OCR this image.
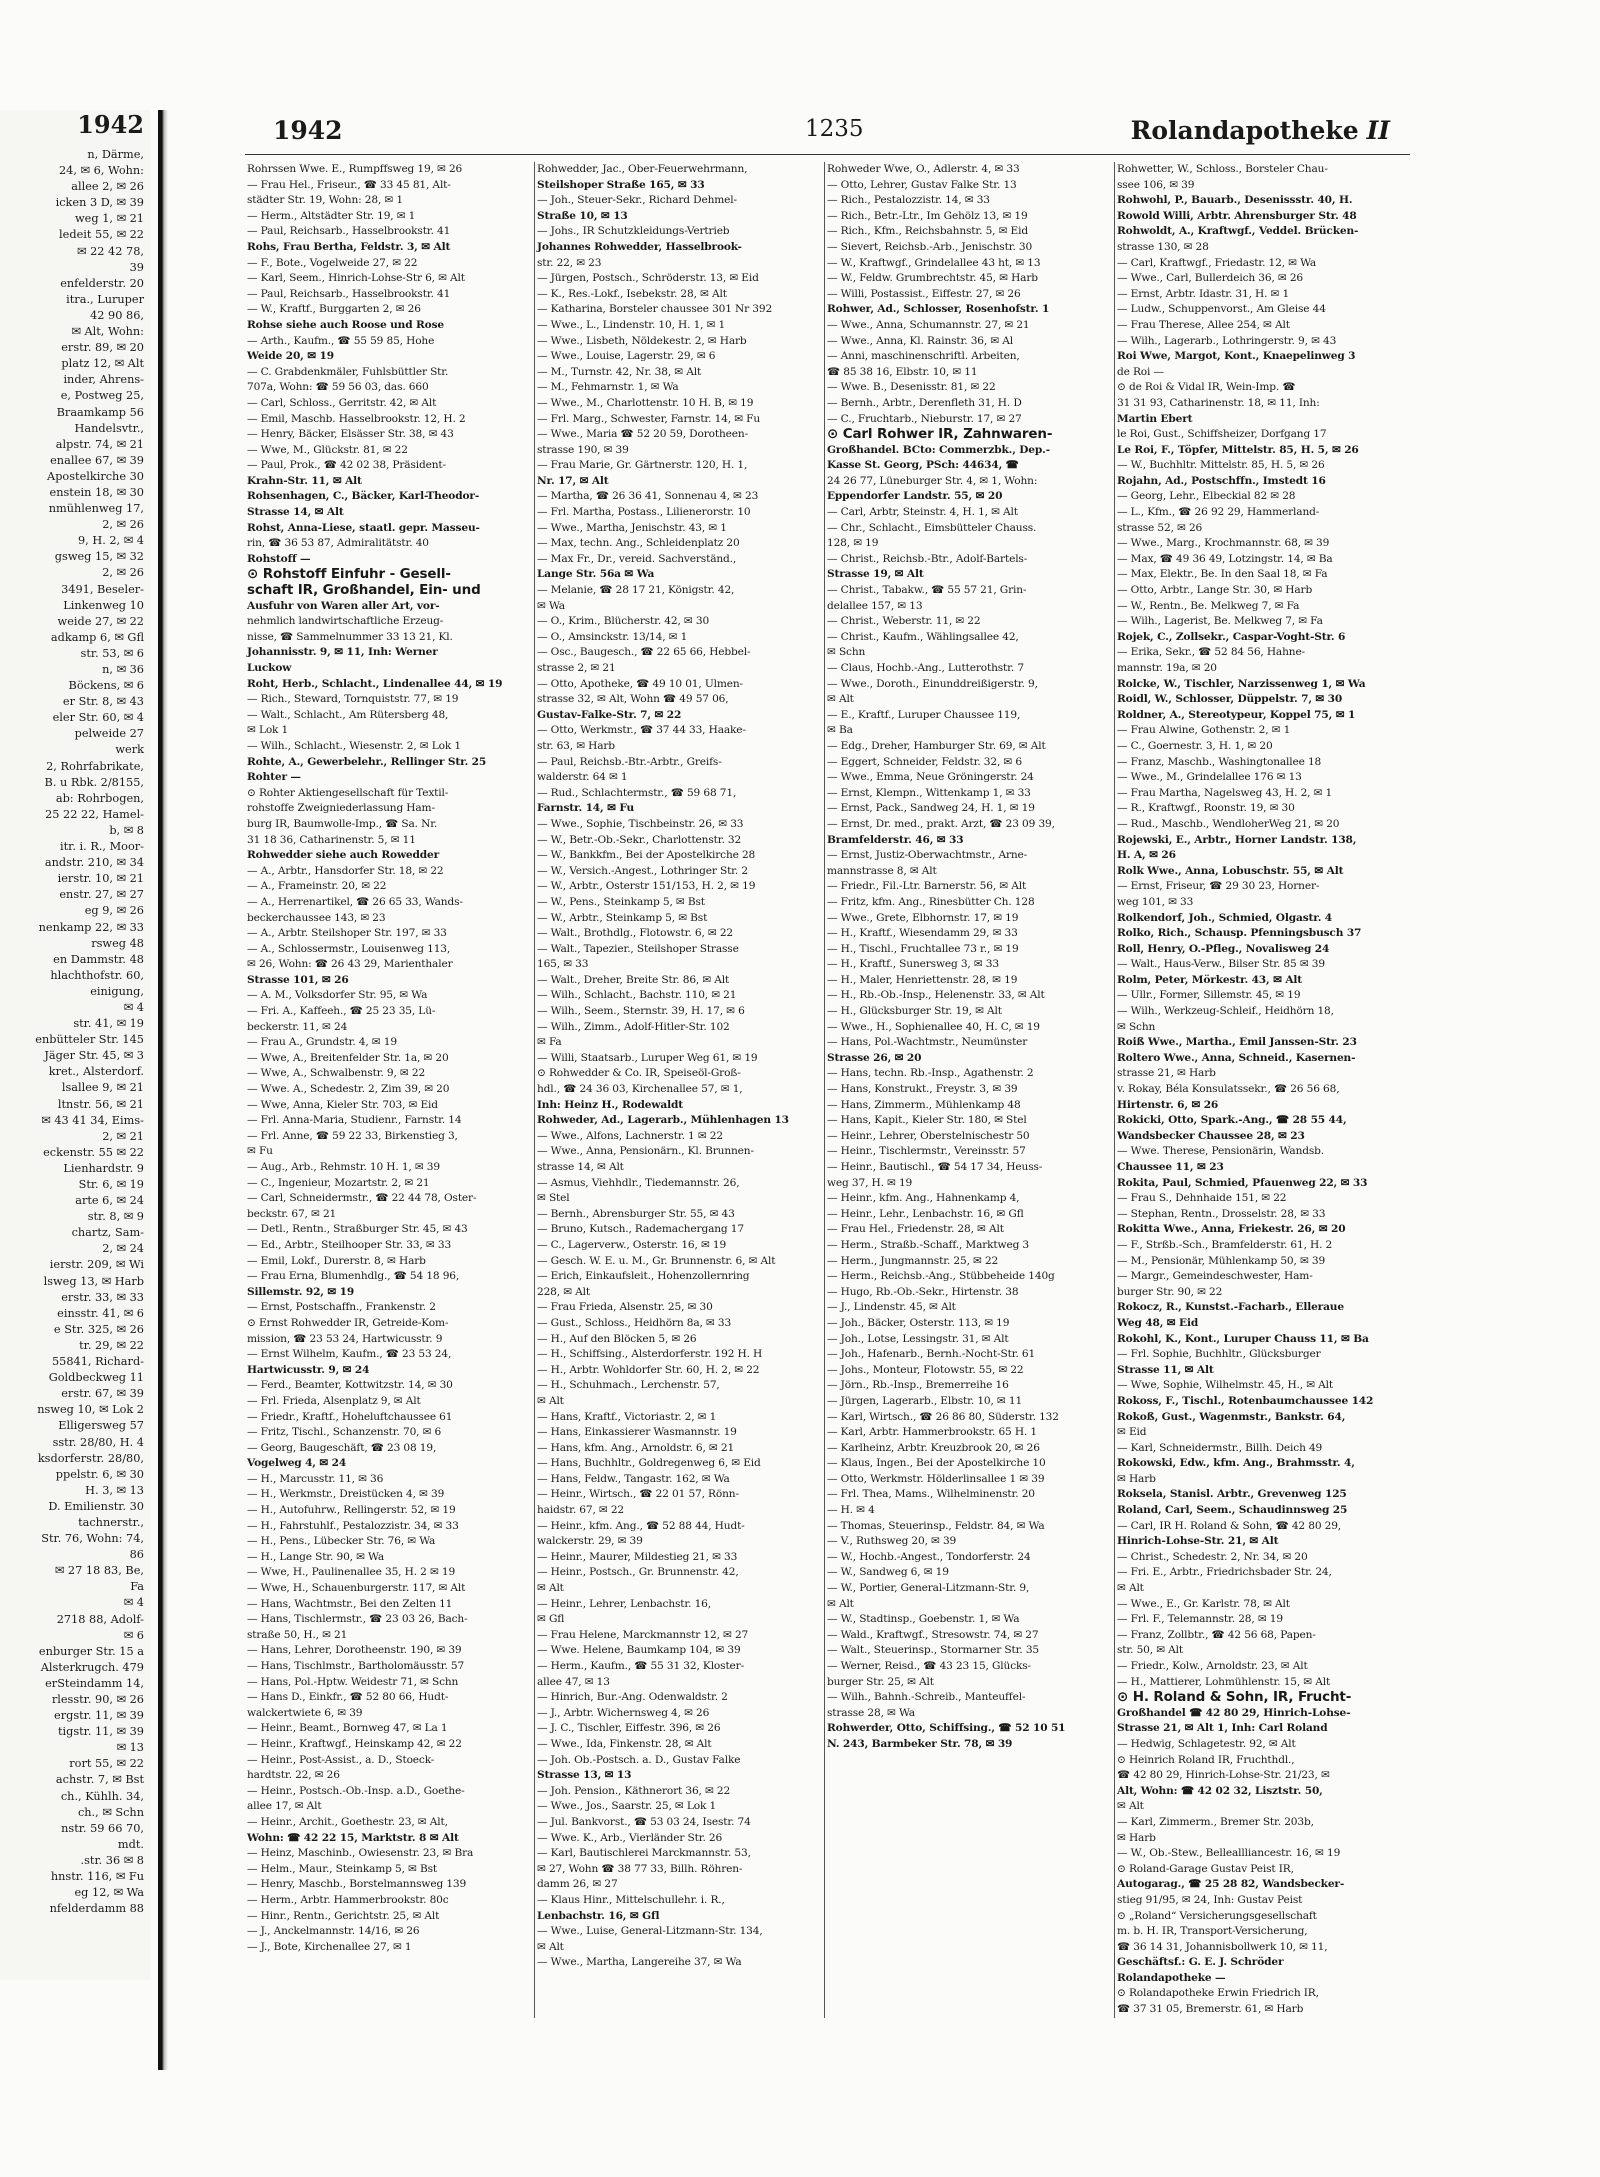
1942
n, Därme,
24, ✉ 6, Wohn:
allee 2, ✉ 26
icken 3 D, ✉ 39
weg 1, ✉ 21
ledeit 55, ✉ 22
✉ 22 42 78,
39
enfelderstr. 20
itra., Luruper
42 90 86,
✉ Alt, Wohn:
erstr. 89, ✉ 20
platz 12, ✉ Alt
inder, Ahrens-
e, Postweg 25,
Braamkamp 56
Handelsvtr.,
alpstr. 74, ✉ 21
enallee 67, ✉ 39
Apostelkirche 30
enstein 18, ✉ 30
nmühlenweg 17,
2, ✉ 26
9, H. 2, ✉ 4
gsweg 15, ✉ 32
2, ✉ 26
3491, Beseler-
Linkenweg 10
weide 27, ✉ 22
adkamp 6, ✉ Gfl
str. 53, ✉ 6
n, ✉ 36
Böckens, ✉ 6
er Str. 8, ✉ 43
eler Str. 60, ✉ 4
pelweide 27
werk
2, Rohrfabrikate,
B. u Rbk. 2/8155,
ab: Rohrbogen,
25 22 22, Hamel-
b, ✉ 8
itr. i. R., Moor-
andstr. 210, ✉ 34
ierstr. 10, ✉ 21
enstr. 27, ✉ 27
eg 9, ✉ 26
nenkamp 22, ✉ 33
rsweg 48
en Dammstr. 48
hlachthofstr. 60,
einigung,
✉ 4
str. 41, ✉ 19
enbütteler Str. 145
Jäger Str. 45, ✉ 3
kret., Alsterdorf.
lsallee 9, ✉ 21
ltnstr. 56, ✉ 21
✉ 43 41 34, Eims-
2, ✉ 21
eckenstr. 55 ✉ 22
Lienhardstr. 9
Str. 6, ✉ 19
arte 6, ✉ 24
str. 8, ✉ 9
chartz, Sam-
2, ✉ 24
ierstr. 209, ✉ Wi
lsweg 13, ✉ Harb
erstr. 33, ✉ 33
einsstr. 41, ✉ 6
e Str. 325, ✉ 26
tr. 29, ✉ 22
55841, Richard-
Goldbeckweg 11
erstr. 67, ✉ 39
nsweg 10, ✉ Lok 2
Elligersweg 57
sstr. 28/80, H. 4
ksdorferstr. 28/80,
ppelstr. 6, ✉ 30
H. 3, ✉ 13
D. Emilienstr. 30
tachnerstr.,
Str. 76, Wohn: 74,
86
✉ 27 18 83, Be,
Fa
✉ 4
2718 88, Adolf-
✉ 6
enburger Str. 15 a
Alsterkrugch. 479
erSteindamm 14,
rlesstr. 90, ✉ 26
ergstr. 11, ✉ 39
tigstr. 11, ✉ 39
✉ 13
rort 55, ✉ 22
achstr. 7, ✉ Bst
ch., Kühlh. 34,
ch., ✉ Schn
nstr. 59 66 70,
mdt.
.str. 36 ✉ 8
hnstr. 116, ✉ Fu
eg 12, ✉ Wa
nfelderdamm 88
1942	1235	Rolandapotheke II
Rohrssen Wwe. E., Rumpffsweg 19, ✉ 26
— Frau Hel., Friseur., ☎ 33 45 81, Alt-
städter Str. 19, Wohn: 28, ✉ 1
— Herm., Altstädter Str. 19, ✉ 1
— Paul, Reichsarb., Hasselbrookstr. 41
Rohs, Frau Bertha, Feldstr. 3, ✉ Alt
— F., Bote., Vogelweide 27, ✉ 22
— Karl, Seem., Hinrich-Lohse-Str 6, ✉ Alt
— Paul, Reichsarb., Hasselbrookstr. 41
— W., Kraftf., Burggarten 2, ✉ 26
Rohse siehe auch Roose und Rose
— Arth., Kaufm., ☎ 55 59 85, Hohe
Weide 20, ✉ 19
— C. Grabdenkmäler, Fuhlsbüttler Str.
707a, Wohn: ☎ 59 56 03, das. 660
— Carl, Schloss., Gerritstr. 42, ✉ Alt
— Emil, Maschb. Hasselbrookstr. 12, H. 2
— Henry, Bäcker, Elsässer Str. 38, ✉ 43
— Wwe, M., Glückstr. 81, ✉ 22
— Paul, Prok., ☎ 42 02 38, Präsident-
Krahn-Str. 11, ✉ Alt
Rohsenhagen, C., Bäcker, Karl-Theodor-
Strasse 14, ✉ Alt
Rohst, Anna-Liese, staatl. gepr. Masseu-
rin, ☎ 36 53 87, Admiralitätstr. 40
Rohstoff —
⊙ Rohstoff Einfuhr - Gesell-
schaft IR, Großhandel, Ein- und
Ausfuhr von Waren aller Art, vor-
nehmlich landwirtschaftliche Erzeug-
nisse, ☎ Sammelnummer 33 13 21, Kl.
Johannisstr. 9, ✉ 11, Inh: Werner
Luckow
Roht, Herb., Schlacht., Lindenallee 44, ✉ 19
— Rich., Steward, Tornquiststr. 77, ✉ 19
— Walt., Schlacht., Am Rütersberg 48,
✉ Lok 1
— Wilh., Schlacht., Wiesenstr. 2, ✉ Lok 1
Rohte, A., Gewerbelehr., Rellinger Str. 25
Rohter —
⊙ Rohter Aktiengesellschaft für Textil-
rohstoffe Zweigniederlassung Ham-
burg IR, Baumwolle-Imp., ☎ Sa. Nr.
31 18 36, Catharinenstr. 5, ✉ 11
Rohwedder siehe auch Rowedder
— A., Arbtr., Hansdorfer Str. 18, ✉ 22
— A., Frameinstr. 20, ✉ 22
— A., Herrenartikel, ☎ 26 65 33, Wands-
beckerchaussee 143, ✉ 23
— A., Arbtr. Steilshoper Str. 197, ✉ 33
— A., Schlossermstr., Louisenweg 113,
✉ 26, Wohn: ☎ 26 43 29, Marienthaler
Strasse 101, ✉ 26
— A. M., Volksdorfer Str. 95, ✉ Wa
— Fri. A., Kaffeeh., ☎ 25 23 35, Lü-
beckerstr. 11, ✉ 24
— Frau A., Grundstr. 4, ✉ 19
— Wwe, A., Breitenfelder Str. 1a, ✉ 20
— Wwe, A., Schwalbenstr. 9, ✉ 22
— Wwe. A., Schedestr. 2, Zim 39, ✉ 20
— Wwe, Anna, Kieler Str. 703, ✉ Eid
— Frl. Anna-Maria, Studienr., Farnstr. 14
— Frl. Anne, ☎ 59 22 33, Birkenstieg 3,
✉ Fu
— Aug., Arb., Rehmstr. 10 H. 1, ✉ 39
— C., Ingenieur, Mozartstr. 2, ✉ 21
— Carl, Schneidermstr., ☎ 22 44 78, Oster-
beckstr. 67, ✉ 21
— Detl., Rentn., Straßburger Str. 45, ✉ 43
— Ed., Arbtr., Steilhooper Str. 33, ✉ 33
— Emil, Lokf., Durerstr. 8, ✉ Harb
— Frau Erna, Blumenhdlg., ☎ 54 18 96,
Sillemstr. 92, ✉ 19
— Ernst, Postschaffn., Frankenstr. 2
⊙ Ernst Rohwedder IR, Getreide-Kom-
mission, ☎ 23 53 24, Hartwicusstr. 9
— Ernst Wilhelm, Kaufm., ☎ 23 53 24,
Hartwicusstr. 9, ✉ 24
— Ferd., Beamter, Kottwitzstr. 14, ✉ 30
— Frl. Frieda, Alsenplatz 9, ✉ Alt
— Friedr., Kraftf., Hoheluftchaussee 61
— Fritz, Tischl., Schanzenstr. 70, ✉ 6
— Georg, Baugeschäft, ☎ 23 08 19,
Vogelweg 4, ✉ 24
— H., Marcusstr. 11, ✉ 36
— H., Werkmstr., Dreistücken 4, ✉ 39
— H., Autofuhrw., Rellingerstr. 52, ✉ 19
— H., Fahrstuhlf., Pestalozzistr. 34, ✉ 33
— H., Pens., Lübecker Str. 76, ✉ Wa
— H., Lange Str. 90, ✉ Wa
— Wwe, H., Paulinenallee 35, H. 2 ✉ 19
— Wwe, H., Schauenburgerstr. 117, ✉ Alt
— Hans, Wachtmstr., Bei den Zelten 11
— Hans, Tischlermstr., ☎ 23 03 26, Bach-
straße 50, H., ✉ 21
— Hans, Lehrer, Dorotheenstr. 190, ✉ 39
— Hans, Tischlmstr., Bartholomäusstr. 57
— Hans, Pol.-Hptw. Weidestr 71, ✉ Schn
— Hans D., Einkfr., ☎ 52 80 66, Hudt-
walckertwiete 6, ✉ 39
— Heinr., Beamt., Bornweg 47, ✉ La 1
— Heinr., Kraftwgf., Heinskamp 42, ✉ 22
— Heinr., Post-Assist., a. D., Stoeck-
hardtstr. 22, ✉ 26
— Heinr., Postsch.-Ob.-Insp. a.D., Goethe-
allee 17, ✉ Alt
— Heinr., Archit., Goethestr. 23, ✉ Alt,
Wohn: ☎ 42 22 15, Marktstr. 8 ✉ Alt
— Heinz, Maschinb., Owiesenstr. 23, ✉ Bra
— Helm., Maur., Steinkamp 5, ✉ Bst
— Henry, Maschb., Borstelmannsweg 139
— Herm., Arbtr. Hammerbrookstr. 80c
— Hinr., Rentn., Gerichtstr. 25, ✉ Alt
— J., Anckelmannstr. 14/16, ✉ 26
— J., Bote, Kirchenallee 27, ✉ 1
Rohwedder, Jac., Ober-Feuerwehrmann,
Steilshoper Straße 165, ✉ 33
— Joh., Steuer-Sekr., Richard Dehmel-
Straße 10, ✉ 13
— Johs., IR Schutzkleidungs-Vertrieb
Johannes Rohwedder, Hasselbrook-
str. 22, ✉ 23
— Jürgen, Postsch., Schröderstr. 13, ✉ Eid
— K., Res.-Lokf., Isebekstr. 28, ✉ Alt
— Katharina, Borsteler chaussee 301 Nr 392
— Wwe., L., Lindenstr. 10, H. 1, ✉ 1
— Wwe., Lisbeth, Nöldekestr. 2, ✉ Harb
— Wwe., Louise, Lagerstr. 29, ✉ 6
— M., Turnstr. 42, Nr. 38, ✉ Alt
— M., Fehmarnstr. 1, ✉ Wa
— Wwe., M., Charlottenstr. 10 H. B, ✉ 19
— Frl. Marg., Schwester, Farnstr. 14, ✉ Fu
— Wwe., Maria ☎ 52 20 59, Dorotheen-
strasse 190, ✉ 39
— Frau Marie, Gr. Gärtnerstr. 120, H. 1,
Nr. 17, ✉ Alt
— Martha, ☎ 26 36 41, Sonnenau 4, ✉ 23
— Frl. Martha, Postass., Lilienerorstr. 10
— Wwe., Martha, Jenischstr. 43, ✉ 1
— Max, techn. Ang., Schleidenplatz 20
— Max Fr., Dr., vereid. Sachverständ.,
Lange Str. 56a ✉ Wa
— Melanie, ☎ 28 17 21, Königstr. 42,
✉ Wa
— O., Krim., Blücherstr. 42, ✉ 30
— O., Amsinckstr. 13/14, ✉ 1
— Osc., Baugesch., ☎ 22 65 66, Hebbel-
strasse 2, ✉ 21
— Otto, Apotheke, ☎ 49 10 01, Ulmen-
strasse 32, ✉ Alt, Wohn ☎ 49 57 06,
Gustav-Falke-Str. 7, ✉ 22
— Otto, Werkmstr., ☎ 37 44 33, Haake-
str. 63, ✉ Harb
— Paul, Reichsb.-Btr.-Arbtr., Greifs-
walderstr. 64 ✉ 1
— Rud., Schlachtermstr., ☎ 59 68 71,
Farnstr. 14, ✉ Fu
— Wwe., Sophie, Tischbeinstr. 26, ✉ 33
— W., Betr.-Ob.-Sekr., Charlottenstr. 32
— W., Bankkfm., Bei der Apostelkirche 28
— W., Versich.-Angest., Lothringer Str. 2
— W., Arbtr., Osterstr 151/153, H. 2, ✉ 19
— W., Pens., Steinkamp 5, ✉ Bst
— W., Arbtr., Steinkamp 5, ✉ Bst
— Walt., Brothdlg., Flotowstr. 6, ✉ 22
— Walt., Tapezier., Steilshoper Strasse
165, ✉ 33
— Walt., Dreher, Breite Str. 86, ✉ Alt
— Wilh., Schlacht., Bachstr. 110, ✉ 21
— Wilh., Seem., Sternstr. 39, H. 17, ✉ 6
— Wilh., Zimm., Adolf-Hitler-Str. 102
✉ Fa
— Willi, Staatsarb., Luruper Weg 61, ✉ 19
⊙ Rohwedder & Co. IR, Speiseöl-Groß-
hdl., ☎ 24 36 03, Kirchenallee 57, ✉ 1,
Inh: Heinz H., Rodewaldt
Rohweder, Ad., Lagerarb., Mühlenhagen 13
— Wwe., Alfons, Lachnerstr. 1 ✉ 22
— Wwe., Anna, Pensionärn., Kl. Brunnen-
strasse 14, ✉ Alt
— Asmus, Viehhdlr., Tiedemannstr. 26,
✉ Stel
— Bernh., Abrensburger Str. 55, ✉ 43
— Bruno, Kutsch., Rademachergang 17
— C., Lagerverw., Osterstr. 16, ✉ 19
— Gesch. W. E. u. M., Gr. Brunnenstr. 6, ✉ Alt
— Erich, Einkaufsleit., Hohenzollernring
228, ✉ Alt
— Frau Frieda, Alsenstr. 25, ✉ 30
— Gust., Schloss., Heidhörn 8a, ✉ 33
— H., Auf den Blöcken 5, ✉ 26
— H., Schiffsing., Alsterdorferstr. 192 H. H
— H., Arbtr. Wohldorfer Str. 60, H. 2, ✉ 22
— H., Schuhmach., Lerchenstr. 57,
✉ Alt
— Hans, Kraftf., Victoriastr. 2, ✉ 1
— Hans, Einkassierer Wasmannstr. 19
— Hans, kfm. Ang., Arnoldstr. 6, ✉ 21
— Hans, Buchhltr., Goldregenweg 6, ✉ Eid
— Hans, Feldw., Tangastr. 162, ✉ Wa
— Heinr., Wirtsch., ☎ 22 01 57, Rönn-
haidstr. 67, ✉ 22
— Heinr., kfm. Ang., ☎ 52 88 44, Hudt-
walckerstr. 29, ✉ 39
— Heinr., Maurer, Mildestieg 21, ✉ 33
— Heinr., Postsch., Gr. Brunnenstr. 42,
✉ Alt
— Heinr., Lehrer, Lenbachstr. 16,
✉ Gfl
— Frau Helene, Marckmannstr 12, ✉ 27
— Wwe. Helene, Baumkamp 104, ✉ 39
— Herm., Kaufm., ☎ 55 31 32, Kloster-
allee 47, ✉ 13
— Hinrich, Bur.-Ang. Odenwaldstr. 2
— J., Arbtr. Wichernsweg 4, ✉ 26
— J. C., Tischler, Eiffestr. 396, ✉ 26
— Wwe., Ida, Finkenstr. 28, ✉ Alt
— Joh. Ob.-Postsch. a. D., Gustav Falke
Strasse 13, ✉ 13
— Joh. Pension., Käthnerort 36, ✉ 22
— Wwe., Jos., Saarstr. 25, ✉ Lok 1
— Jul. Bankvorst., ☎ 53 03 24, Isestr. 74
— Wwe. K., Arb., Vierländer Str. 26
— Karl, Bautischlerei Marckmannstr. 53,
✉ 27, Wohn ☎ 38 77 33, Billh. Röhren-
damm 26, ✉ 27
— Klaus Hinr., Mittelschullehr. i. R.,
Lenbachstr. 16, ✉ Gfl
— Wwe., Luise, General-Litzmann-Str. 134,
✉ Alt
— Wwe., Martha, Langereihe 37, ✉ Wa
Rohweder Wwe, O., Adlerstr. 4, ✉ 33
— Otto, Lehrer, Gustav Falke Str. 13
— Rich., Pestalozzistr. 14, ✉ 33
— Rich., Betr.-Ltr., Im Gehölz 13, ✉ 19
— Rich., Kfm., Reichsbahnstr. 5, ✉ Eid
— Sievert, Reichsb.-Arb., Jenischstr. 30
— W., Kraftwgf., Grindelallee 43 ht, ✉ 13
— W., Feldw. Grumbrechtstr. 45, ✉ Harb
— Willi, Postassist., Eiffestr. 27, ✉ 26
Rohwer, Ad., Schlosser, Rosenhofstr. 1
— Wwe., Anna, Schumannstr. 27, ✉ 21
— Wwe., Anna, Kl. Rainstr. 36, ✉ Al
— Anni, maschinenschriftl. Arbeiten,
☎ 85 38 16, Elbstr. 10, ✉ 11
— Wwe. B., Desenisstr. 81, ✉ 22
— Bernh., Arbtr., Derenfleth 31, H. D
— C., Fruchtarb., Nieburstr. 17, ✉ 27
⊙ Carl Rohwer IR, Zahnwaren-
Großhandel. BCto: Commerzbk., Dep.-
Kasse St. Georg, PSch: 44634, ☎
24 26 77, Lüneburger Str. 4, ✉ 1, Wohn:
Eppendorfer Landstr. 55, ✉ 20
— Carl, Arbtr, Steinstr. 4, H. 1, ✉ Alt
— Chr., Schlacht., Eimsbütteler Chauss.
128, ✉ 19
— Christ., Reichsb.-Btr., Adolf-Bartels-
Strasse 19, ✉ Alt
— Christ., Tabakw., ☎ 55 57 21, Grin-
delallee 157, ✉ 13
— Christ., Weberstr. 11, ✉ 22
— Christ., Kaufm., Wählingsallee 42,
✉ Schn
— Claus, Hochb.-Ang., Lutterothstr. 7
— Wwe., Doroth., Einunddreißigerstr. 9,
✉ Alt
— E., Kraftf., Luruper Chaussee 119,
✉ Ba
— Edg., Dreher, Hamburger Str. 69, ✉ Alt
— Eggert, Schneider, Feldstr. 32, ✉ 6
— Wwe., Emma, Neue Gröningerstr. 24
— Ernst, Klempn., Wittenkamp 1, ✉ 33
— Ernst, Pack., Sandweg 24, H. 1, ✉ 19
— Ernst, Dr. med., prakt. Arzt, ☎ 23 09 39,
Bramfelderstr. 46, ✉ 33
— Ernst, Justiz-Oberwachtmstr., Arne-
mannstrasse 8, ✉ Alt
— Friedr., Fil.-Ltr. Barnerstr. 56, ✉ Alt
— Fritz, kfm. Ang., Rinesbütter Ch. 128
— Wwe., Grete, Elbhornstr. 17, ✉ 19
— H., Kraftf., Wiesendamm 29, ✉ 33
— H., Tischl., Fruchtallee 73 r., ✉ 19
— H., Kraftf., Sunersweg 3, ✉ 33
— H., Maler, Henriettenstr. 28, ✉ 19
— H., Rb.-Ob.-Insp., Helenenstr. 33, ✉ Alt
— H., Glücksburger Str. 19, ✉ Alt
— Wwe., H., Sophienallee 40, H. C, ✉ 19
— Hans, Pol.-Wachtmstr., Neumünster
Strasse 26, ✉ 20
— Hans, techn. Rb.-Insp., Agathenstr. 2
— Hans, Konstrukt., Freystr. 3, ✉ 39
— Hans, Zimmerm., Mühlenkamp 48
— Hans, Kapit., Kieler Str. 180, ✉ Stel
— Heinr., Lehrer, Oberstelnischestr 50
— Heinr., Tischlermstr., Vereinsstr. 57
— Heinr., Bautischl., ☎ 54 17 34, Heuss-
weg 37, H. ✉ 19
— Heinr., kfm. Ang., Hahnenkamp 4,
— Heinr., Lehr., Lenbachstr. 16, ✉ Gfl
— Frau Hel., Friedenstr. 28, ✉ Alt
— Herm., Straßb.-Schaff., Marktweg 3
— Herm., Jungmannstr. 25, ✉ 22
— Herm., Reichsb.-Ang., Stübbeheide 140g
— Hugo, Rb.-Ob.-Sekr., Hirtenstr. 38
— J., Lindenstr. 45, ✉ Alt
— Joh., Bäcker, Osterstr. 113, ✉ 19
— Joh., Lotse, Lessingstr. 31, ✉ Alt
— Joh., Hafenarb., Bernh.-Nocht-Str. 61
— Johs., Monteur, Flotowstr. 55, ✉ 22
— Jörn., Rb.-Insp., Bremerreihe 16
— Jürgen, Lagerarb., Elbstr. 10, ✉ 11
— Karl, Wirtsch., ☎ 26 86 80, Süderstr. 132
— Karl, Arbtr. Hammerbrookstr. 65 H. 1
— Karlheinz, Arbtr. Kreuzbrook 20, ✉ 26
— Klaus, Ingen., Bei der Apostelkirche 10
— Otto, Werkmstr. Hölderlinsallee 1 ✉ 39
— Frl. Thea, Mams., Wilhelminenstr. 20
— H. ✉ 4
— Thomas, Steuerinsp., Feldstr. 84, ✉ Wa
— V., Ruthsweg 20, ✉ 39
— W., Hochb.-Angest., Tondorferstr. 24
— W., Sandweg 6, ✉ 19
— W., Portier, General-Litzmann-Str. 9,
✉ Alt
— W., Stadtinsp., Goebenstr. 1, ✉ Wa
— Wald., Kraftwgf., Stresowstr. 74, ✉ 27
— Walt., Steuerinsp., Stormarner Str. 35
— Werner, Reisd., ☎ 43 23 15, Glücks-
burger Str. 25, ✉ Alt
— Wilh., Bahnh.-Schreib., Manteuffel-
strasse 28, ✉ Wa
Rohwerder, Otto, Schiffsing., ☎ 52 10 51
N. 243, Barmbeker Str. 78, ✉ 39
Rohwetter, W., Schloss., Borsteler Chau-
ssee 106, ✉ 39
Rohwohl, P., Bauarb., Desenissstr. 40, H.
Rowold Willi, Arbtr. Ahrensburger Str. 48
Rohwoldt, A., Kraftwgf., Veddel. Brücken-
strasse 130, ✉ 28
— Carl, Kraftwgf., Friedastr. 12, ✉ Wa
— Wwe., Carl, Bullerdeich 36, ✉ 26
— Ernst, Arbtr. Idastr. 31, H. ✉ 1
— Ludw., Schuppenvorst., Am Gleise 44
— Frau Therese, Allee 254, ✉ Alt
— Wilh., Lagerarb., Lothringerstr. 9, ✉ 43
Roi Wwe, Margot, Kont., Knaepelinweg 3
de Roi —
⊙ de Roi & Vidal IR, Wein-Imp. ☎
31 31 93, Catharinenstr. 18, ✉ 11, Inh:
Martin Ebert
le Roi, Gust., Schiffsheizer, Dorfgang 17
Le Roi, F., Töpfer, Mittelstr. 85, H. 5, ✉ 26
— W., Buchhltr. Mittelstr. 85, H. 5, ✉ 26
Rojahn, Ad., Postschffn., Imstedt 16
— Georg, Lehr., Elbeckial 82 ✉ 28
— L., Kfm., ☎ 26 92 29, Hammerland-
strasse 52, ✉ 26
— Wwe., Marg., Krochmannstr. 68, ✉ 39
— Max, ☎ 49 36 49, Lotzingstr. 14, ✉ Ba
— Max, Elektr., Be. In den Saal 18, ✉ Fa
— Otto, Arbtr., Lange Str. 30, ✉ Harb
— W., Rentn., Be. Melkweg 7, ✉ Fa
— Wilh., Lagerist, Be. Melkweg 7, ✉ Fa
Rojek, C., Zollsekr., Caspar-Voght-Str. 6
— Erika, Sekr., ☎ 52 84 56, Hahne-
mannstr. 19a, ✉ 20
Rolcke, W., Tischler, Narzissenweg 1, ✉ Wa
Roidl, W., Schlosser, Düppelstr. 7, ✉ 30
Roldner, A., Stereotypeur, Koppel 75, ✉ 1
— Frau Alwine, Gothenstr. 2, ✉ 1
— C., Goernestr. 3, H. 1, ✉ 20
— Franz, Maschb., Washingtonallee 18
— Wwe., M., Grindelallee 176 ✉ 13
— Frau Martha, Nagelsweg 43, H. 2, ✉ 1
— R., Kraftwgf., Roonstr. 19, ✉ 30
— Rud., Maschb., WendloherWeg 21, ✉ 20
Rojewski, E., Arbtr., Horner Landstr. 138,
H. A, ✉ 26
Rolk Wwe., Anna, Lobuschstr. 55, ✉ Alt
— Ernst, Friseur, ☎ 29 30 23, Horner-
weg 101, ✉ 33
Rolkendorf, Joh., Schmied, Olgastr. 4
Rolko, Rich., Schausp. Pfenningsbusch 37
Roll, Henry, O.-Pfleg., Novalisweg 24
— Walt., Haus-Verw., Bilser Str. 85 ✉ 39
Rolm, Peter, Mörkestr. 43, ✉ Alt
— Ullr., Former, Sillemstr. 45, ✉ 19
— Wilh., Werkzeug-Schleif., Heidhörn 18,
✉ Schn
Roiß Wwe., Martha., Emil Janssen-Str. 23
Roltero Wwe., Anna, Schneid., Kasernen-
strasse 21, ✉ Harb
v. Rokay, Béla Konsulatssekr., ☎ 26 56 68,
Hirtenstr. 6, ✉ 26
Rokicki, Otto, Spark.-Ang., ☎ 28 55 44,
Wandsbecker Chaussee 28, ✉ 23
— Wwe. Therese, Pensionärin, Wandsb.
Chaussee 11, ✉ 23
Rokita, Paul, Schmied, Pfauenweg 22, ✉ 33
— Frau S., Dehnhaide 151, ✉ 22
— Stephan, Rentn., Drosselstr. 28, ✉ 33
Rokitta Wwe., Anna, Friekestr. 26, ✉ 20
— F., Strßb.-Sch., Bramfelderstr. 61, H. 2
— M., Pensionär, Mühlenkamp 50, ✉ 39
— Margr., Gemeindeschwester, Ham-
burger Str. 90, ✉ 22
Rokocz, R., Kunstst.-Facharb., Elleraue
Weg 48, ✉ Eid
Rokohl, K., Kont., Luruper Chauss 11, ✉ Ba
— Frl. Sophie, Buchhltr., Glücksburger
Strasse 11, ✉ Alt
— Wwe, Sophie, Wilhelmstr. 45, H., ✉ Alt
Rokoss, F., Tischl., Rotenbaumchaussee 142
Rokoß, Gust., Wagenmstr., Bankstr. 64,
✉ Eid
— Karl, Schneidermstr., Billh. Deich 49
Rokowski, Edw., kfm. Ang., Brahmsstr. 4,
✉ Harb
Roksela, Stanisl. Arbtr., Grevenweg 125
Roland, Carl, Seem., Schaudinnsweg 25
— Carl, IR H. Roland & Sohn, ☎ 42 80 29,
Hinrich-Lohse-Str. 21, ✉ Alt
— Christ., Schedestr. 2, Nr. 34, ✉ 20
— Fri. E., Arbtr., Friedrichsbader Str. 24,
✉ Alt
— Wwe., E., Gr. Karlstr. 78, ✉ Alt
— Frl. F., Telemannstr. 28, ✉ 19
— Franz, Zollbtr., ☎ 42 56 68, Papen-
str. 50, ✉ Alt
— Friedr., Kolw., Arnoldstr. 23, ✉ Alt
— H., Mattierer, Lohmühlenstr. 15, ✉ Alt
⊙ H. Roland & Sohn, IR, Frucht-
Großhandel ☎ 42 80 29, Hinrich-Lohse-
Strasse 21, ✉ Alt 1, Inh: Carl Roland
— Hedwig, Schlagetestr. 92, ✉ Alt
⊙ Heinrich Roland IR, Fruchthdl.,
☎ 42 80 29, Hinrich-Lohse-Str. 21/23, ✉
Alt, Wohn: ☎ 42 02 32, Lisztstr. 50,
✉ Alt
— Karl, Zimmerm., Bremer Str. 203b,
✉ Harb
— W., Ob.-Stew., Belleallliancestr. 16, ✉ 19
⊙ Roland-Garage Gustav Peist IR,
Autogarag., ☎ 25 28 82, Wandsbecker-
stieg 91/95, ✉ 24, Inh: Gustav Peist
⊙ „Roland“ Versicherungsgesellschaft
m. b. H. IR, Transport-Versicherung,
☎ 36 14 31, Johannisbollwerk 10, ✉ 11,
Geschäftsf.: G. E. J. Schröder
Rolandapotheke —
⊙ Rolandapotheke Erwin Friedrich IR,
☎ 37 31 05, Bremerstr. 61, ✉ Harb
